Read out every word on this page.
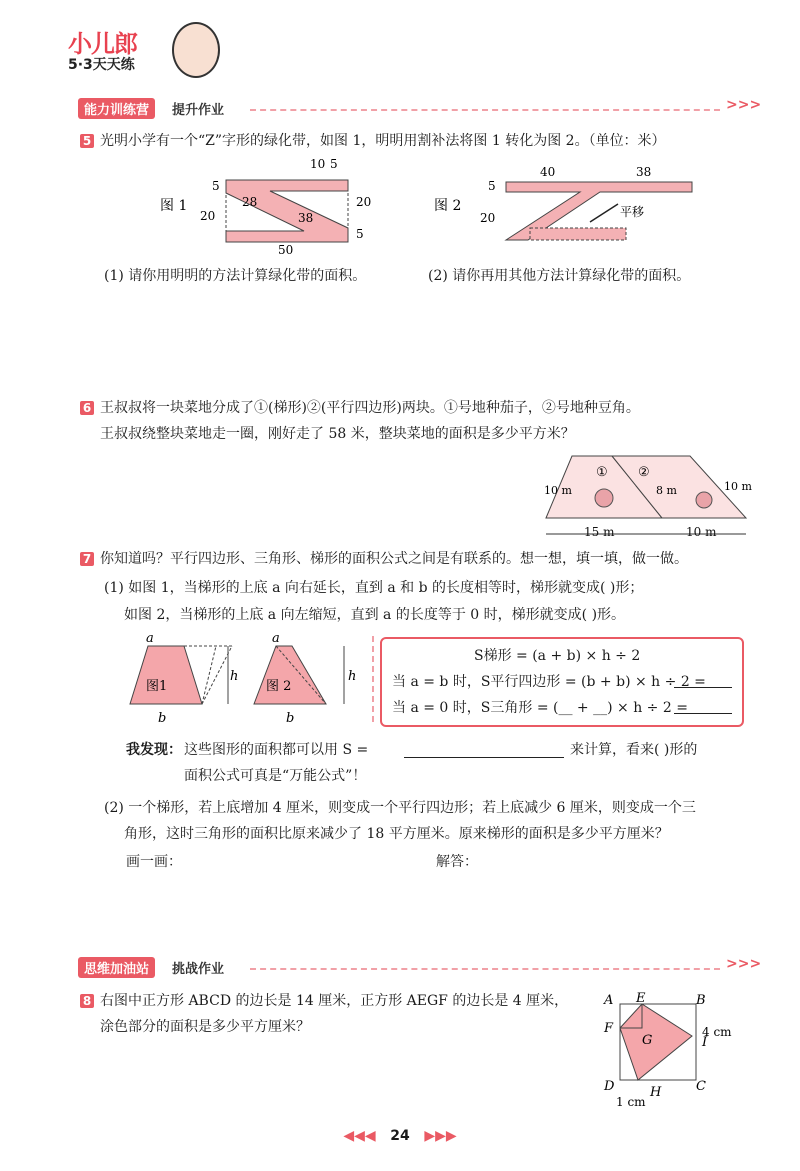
小儿郎
5·3天天练
能力训练营	提升作业	>>>
5 光明小学有一个“Z”字形的绿化带，如图 1，明明用割补法将图 1 转化为图 2。（单位：米）
图 1
5
10 5
20
28
38
20
5
50
图 2
40	38
5
20	平移
(1) 请你用明明的方法计算绿化带的面积。	(2) 请你再用其他方法计算绿化带的面积。
6 王叔叔将一块菜地分成了①(梯形)②(平行四边形)两块。①号地种茄子，②号地种豆角。
王叔叔绕整块菜地走一圈，刚好走了 58 米，整块菜地的面积是多少平方米？
10 m
① ②
8 m	10 m
15 m	10 m
7 你知道吗？平行四边形、三角形、梯形的面积公式之间是有联系的。想一想，填一填，做一做。
(1) 如图 1，当梯形的上底 a 向右延长，直到 a 和 b 的长度相等时，梯形就变成( )形；
如图 2，当梯形的上底 a 向左缩短，直到 a 的长度等于 0 时，梯形就变成( )形。
a
h
b
图1
a
h
b
图 2
S梯形 = (a + b) × h ÷ 2
当 a = b 时，S平行四边形 = (b + b) × h ÷ 2 =
当 a = 0 时，S三角形 = (__ + __) × h ÷ 2 =
我发现： 这些图形的面积都可以用 S =	来计算，看来( )形的
面积公式可真是“万能公式”！
(2) 一个梯形，若上底增加 4 厘米，则变成一个平行四边形；若上底减少 6 厘米，则变成一个三
角形，这时三角形的面积比原来减少了 18 平方厘米。原来梯形的面积是多少平方厘米？
画一画：	解答：
思维加油站	挑战作业	>>>
8 右图中正方形 ABCD 的边长是 14 厘米，正方形 AEGF 的边长是 4 厘米，
涂色部分的面积是多少平方厘米？
A E	B
F
G	I
D	H	C
4 cm
1 cm
◀◀◀ 24 ▶▶▶
